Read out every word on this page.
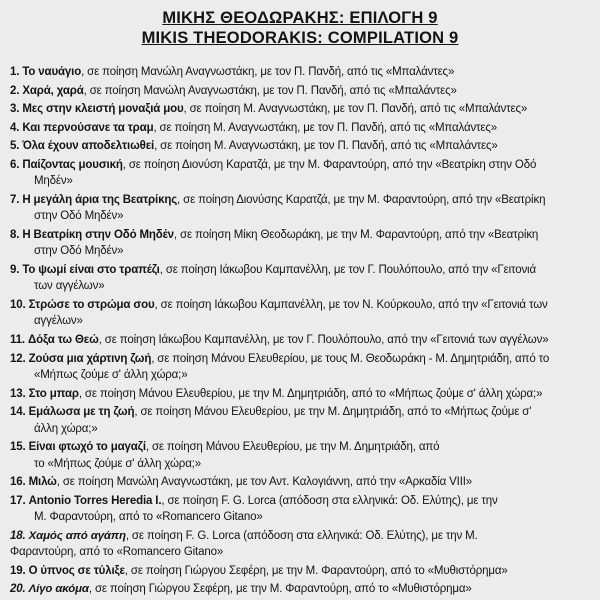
ΜΙΚΗΣ ΘΕΟΔΩΡΑΚΗΣ: ΕΠΙΛΟΓΗ 9
MIKIS THEODORAKIS: COMPILATION 9
1. Το ναυάγιο, σε ποίηση Μανώλη Αναγνωστάκη, με τον Π. Πανδή, από τις «Μπαλάντες»
2. Χαρά, χαρά, σε ποίηση Μανώλη Αναγνωστάκη, με τον Π. Πανδή, από τις «Μπαλάντες»
3. Μες στην κλειστή μοναξιά μου, σε ποίηση Μ. Αναγνωστάκη, με τον Π. Πανδή, από τις «Μπαλάντες»
4. Και περνούσανε τα τραμ, σε ποίηση Μ. Αναγνωστάκη, με τον Π. Πανδή, από τις «Μπαλάντες»
5. Όλα έχουν αποδελτιωθεί, σε ποίηση Μ. Αναγνωστάκη, με τον Π. Πανδή, από τις «Μπαλάντες»
6. Παίζοντας μουσική, σε ποίηση Διονύση Καρατζά, με την Μ. Φαραντούρη, από την «Βεατρίκη στην Οδό
Μηδέν»
7. Η μεγάλη άρια της Βεατρίκης, σε ποίηση Διονύσης Καρατζά, με την Μ. Φαραντούρη, από την «Βεατρίκη
στην Οδό Μηδέν»
8. Η Βεατρίκη στην Οδό Μηδέν, σε ποίηση Μίκη Θεοδωράκη, με την Μ. Φαραντούρη, από την «Βεατρίκη
στην Οδό Μηδέν»
9. Το ψωμί είναι στο τραπέζι, σε ποίηση Ιάκωβου Καμπανέλλη, με τον Γ. Πουλόπουλο, από την «Γειτονιά
των αγγέλων»
10. Στρώσε το στρώμα σου, σε ποίηση Ιάκωβου Καμπανέλλη, με τον Ν. Κούρκουλο, από την «Γειτονιά των
αγγέλων»
11. Δόξα τω Θεώ, σε ποίηση Ιάκωβου Καμπανέλλη, με τον Γ. Πουλόπουλο, από την «Γειτονιά των αγγέλων»
12. Ζούσα μια χάρτινη ζωή, σε ποίηση Μάνου Ελευθερίου, με τους Μ. Θεοδωράκη - Μ. Δημητριάδη, από το
«Μήπως ζούμε σ' άλλη χώρα;»
13. Στο μπαρ, σε ποίηση Μάνου Ελευθερίου, με την Μ. Δημητριάδη, από το «Μήπως ζούμε σ' άλλη χώρα;»
14. Εμάλωσα με τη ζωή, σε ποίηση Μάνου Ελευθερίου, με την Μ. Δημητριάδη, από το «Μήπως ζούμε σ'
άλλη χώρα;»
15. Είναι φτωχό το μαγαζί, σε ποίηση Μάνου Ελευθερίου, με την Μ. Δημητριάδη, από
το «Μήπως ζούμε σ' άλλη χώρα;»
16. Μιλώ, σε ποίηση Μανώλη Αναγνωστάκη, με τον Αντ. Καλογιάννη, από την «Αρκαδία VIII»
17. Antonio Torres Heredia I., σε ποίηση F. G. Lorca (απόδοση στα ελληνικά: Οδ. Ελύτης), με την
Μ. Φαραντούρη, από το «Romancero Gitano»
18. Χαμός από αγάπη, σε ποίηση F. G. Lorca (απόδοση στα ελληνικά: Οδ. Ελύτης), με την Μ.
Φαραντούρη, από το «Romancero Gitano»
19. Ο ύπνος σε τύλιξε, σε ποίηση Γιώργου Σεφέρη, με την Μ. Φαραντούρη, από το «Μυθιστόρημα»
20. Λίγο ακόμα, σε ποίηση Γιώργου Σεφέρη, με την Μ. Φαραντούρη, από το «Μυθιστόρημα»
